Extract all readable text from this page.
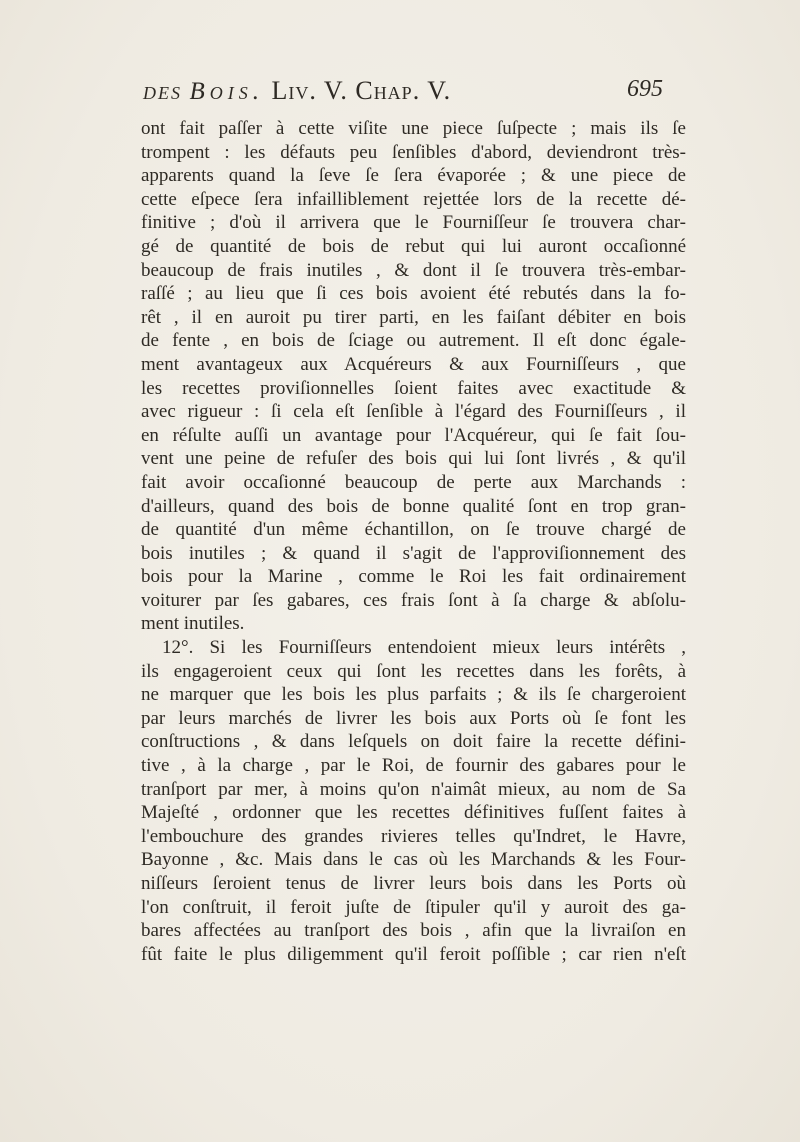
DES Bois. Liv. V. Chap. V.	695
ont fait paſſer à cette viſite une piece ſuſpecte ; mais ils ſe
trompent : les défauts peu ſenſibles d'abord, deviendront très-
apparents quand la ſeve ſe ſera évaporée ; & une piece de
cette eſpece ſera infailliblement rejettée lors de la recette dé-
finitive ; d'où il arrivera que le Fourniſſeur ſe trouvera char-
gé de quantité de bois de rebut qui lui auront occaſionné
beaucoup de frais inutiles , & dont il ſe trouvera très-embar-
raſſé ; au lieu que ſi ces bois avoient été rebutés dans la fo-
rêt , il en auroit pu tirer parti, en les faiſant débiter en bois
de fente , en bois de ſciage ou autrement. Il eſt donc égale-
ment avantageux aux Acquéreurs & aux Fourniſſeurs , que
les recettes proviſionnelles ſoient faites avec exactitude &
avec rigueur : ſi cela eſt ſenſible à l'égard des Fourniſſeurs , il
en réſulte auſſi un avantage pour l'Acquéreur, qui ſe fait ſou-
vent une peine de refuſer des bois qui lui ſont livrés , & qu'il
fait avoir occaſionné beaucoup de perte aux Marchands :
d'ailleurs, quand des bois de bonne qualité ſont en trop gran-
de quantité d'un même échantillon, on ſe trouve chargé de
bois inutiles ; & quand il s'agit de l'approviſionnement des
bois pour la Marine , comme le Roi les fait ordinairement
voiturer par ſes gabares, ces frais ſont à ſa charge & abſolu-
ment inutiles.
12°. Si les Fourniſſeurs entendoient mieux leurs intérêts ,
ils engageroient ceux qui ſont les recettes dans les forêts, à
ne marquer que les bois les plus parfaits ; & ils ſe chargeroient
par leurs marchés de livrer les bois aux Ports où ſe font les
conſtructions , & dans leſquels on doit faire la recette défini-
tive , à la charge , par le Roi, de fournir des gabares pour le
tranſport par mer, à moins qu'on n'aimât mieux, au nom de Sa
Majeſté , ordonner que les recettes définitives fuſſent faites à
l'embouchure des grandes rivieres telles qu'Indret, le Havre,
Bayonne , &c. Mais dans le cas où les Marchands & les Four-
niſſeurs ſeroient tenus de livrer leurs bois dans les Ports où
l'on conſtruit, il feroit juſte de ſtipuler qu'il y auroit des ga-
bares affectées au tranſport des bois , afin que la livraiſon en
fût faite le plus diligemment qu'il feroit poſſible ; car rien n'eſt
